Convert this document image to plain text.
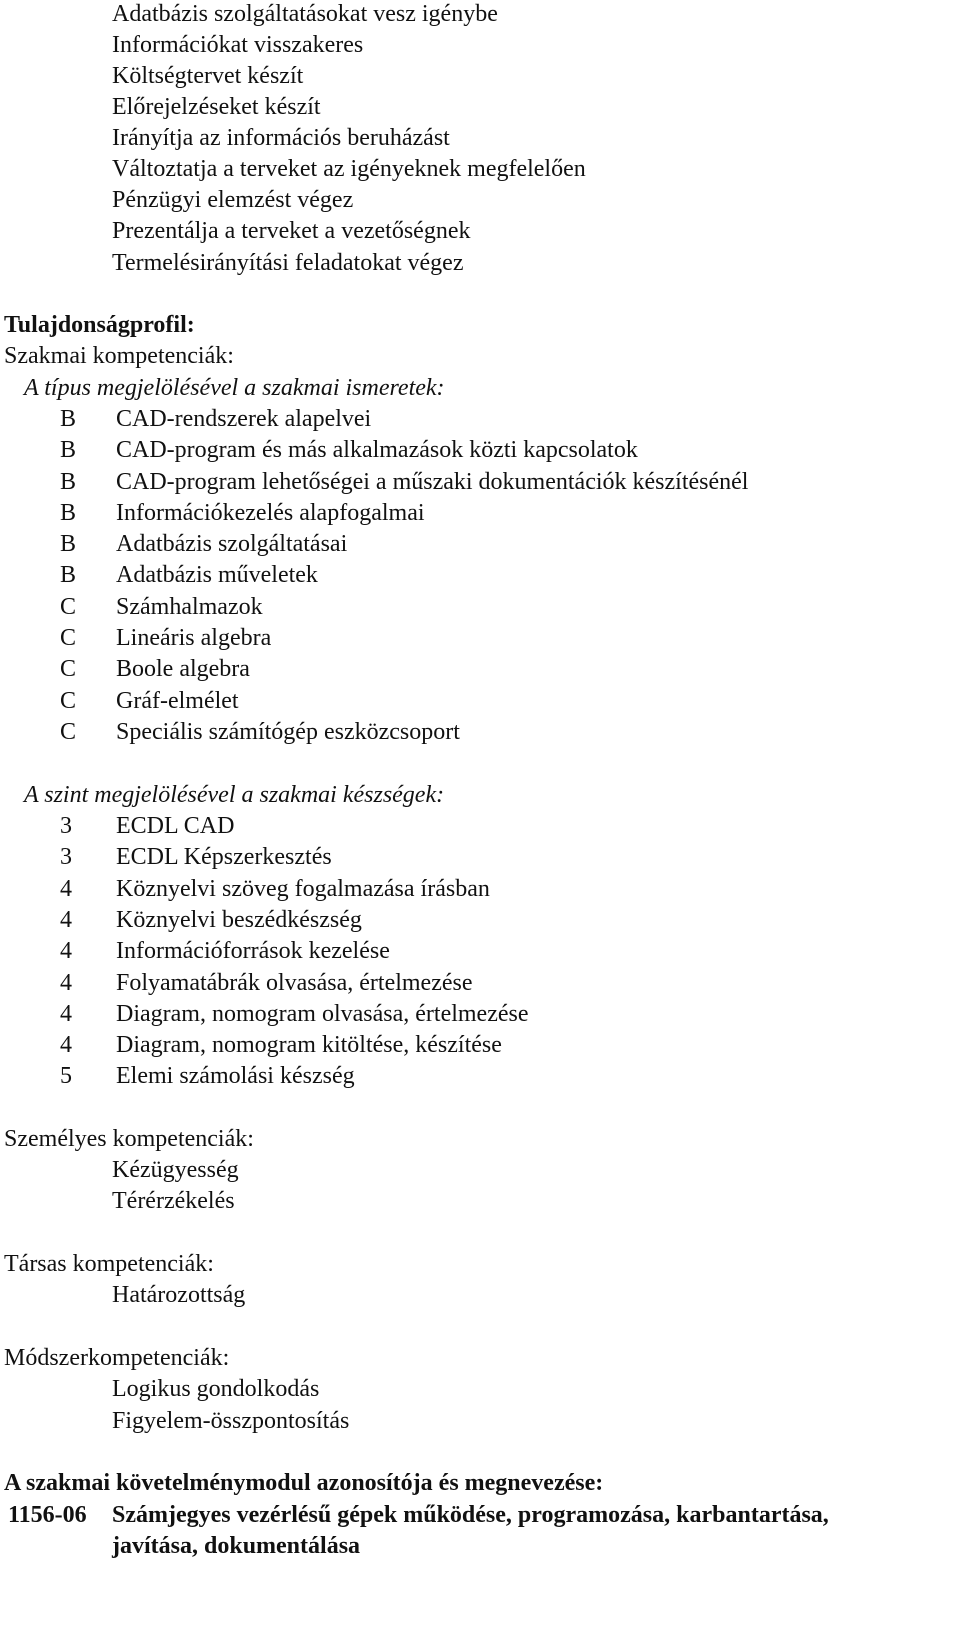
Adatbázis szolgáltatásokat vesz igénybe
Információkat visszakeres
Költségtervet készít
Előrejelzéseket készít
Irányítja az információs beruházást
Változtatja a terveket az igényeknek megfelelően
Pénzügyi elemzést végez
Prezentálja a terveket a vezetőségnek
Termelésirányítási feladatokat végez
Tulajdonságprofil:
Szakmai kompetenciák:
A típus megjelölésével a szakmai ismeretek:
B CAD-rendszerek alapelvei
B CAD-program és más alkalmazások közti kapcsolatok
B CAD-program lehetőségei a műszaki dokumentációk készítésénél
B Információkezelés alapfogalmai
B Adatbázis szolgáltatásai
B Adatbázis műveletek
C Számhalmazok
C Lineáris algebra
C Boole algebra
C Gráf-elmélet
C Speciális számítógép eszközcsoport
A szint megjelölésével a szakmai készségek:
3 ECDL CAD
3 ECDL Képszerkesztés
4 Köznyelvi szöveg fogalmazása írásban
4 Köznyelvi beszédkészség
4 Információforrások kezelése
4 Folyamatábrák olvasása, értelmezése
4 Diagram, nomogram olvasása, értelmezése
4 Diagram, nomogram kitöltése, készítése
5 Elemi számolási készség
Személyes kompetenciák:
Kézügyesség
Térérzékelés
Társas kompetenciák:
Határozottság
Módszerkompetenciák:
Logikus gondolkodás
Figyelem-összpontosítás
A szakmai követelménymodul azonosítója és megnevezése:
1156-06 Számjegyes vezérlésű gépek működése, programozása, karbantartása,
javítása, dokumentálása
